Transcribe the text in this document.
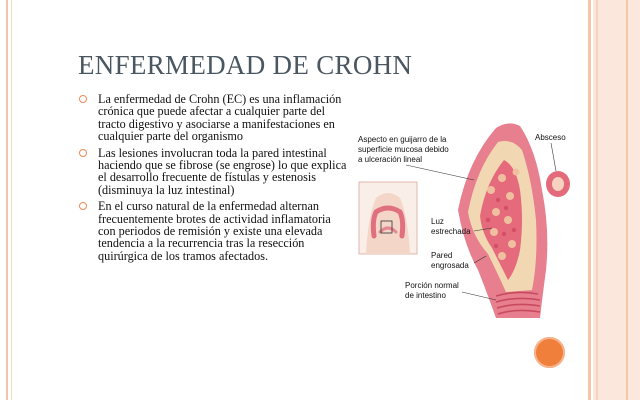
ENFERMEDAD DE CROHN
La enfermedad de Crohn (EC) es una inflamación crónica que puede afectar a cualquier parte del tracto digestivo y asociarse a manifestaciones en cualquier parte del organismo
Las lesiones involucran toda la pared intestinal haciendo que se fibrose (se engrose) lo que explica el desarrollo frecuente de fístulas y estenosis (disminuya la luz intestinal)
En el curso natural de la enfermedad alternan frecuentemente brotes de actividad inflamatoria con periodos de remisión y existe una elevada tendencia a la recurrencia tras la resección quirúrgica de los tramos afectados.
Aspecto en guijarro de la
superficie mucosa debido
a ulceración lineal
Absceso
Luz
estrechada
Pared
engrosada
Porción normal
de intestino
